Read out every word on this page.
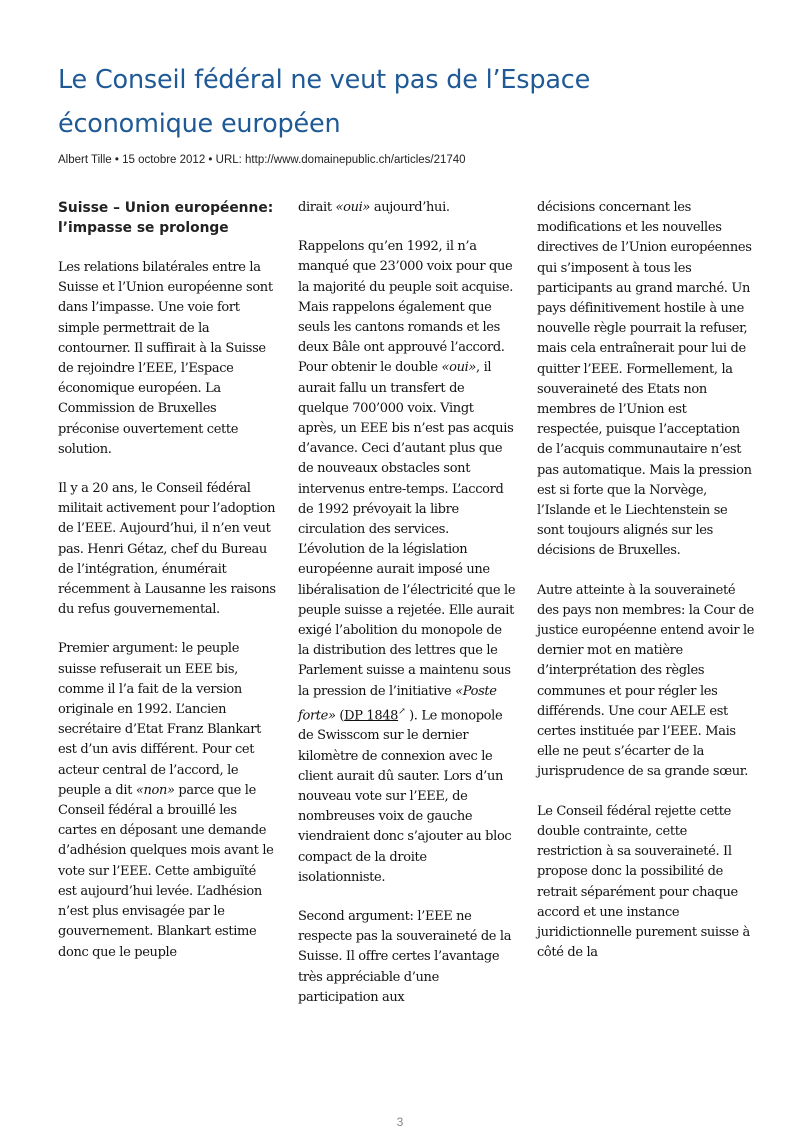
Le Conseil fédéral ne veut pas de l’Espace économique européen
Albert Tille • 15 octobre 2012 • URL: http://www.domainepublic.ch/articles/21740
Suisse – Union européenne: l’impasse se prolonge

Les relations bilatérales entre la Suisse et l’Union européenne sont dans l’impasse. Une voie fort simple permettrait de la contourner. Il suffirait à la Suisse de rejoindre l’EEE, l’Espace économique européen. La Commission de Bruxelles préconise ouvertement cette solution.

Il y a 20 ans, le Conseil fédéral militait activement pour l’adoption de l’EEE. Aujourd’hui, il n’en veut pas. Henri Gétaz, chef du Bureau de l’intégration, énumérait récemment à Lausanne les raisons du refus gouvernemental.

Premier argument: le peuple suisse refuserait un EEE bis, comme il l’a fait de la version originale en 1992. L’ancien secrétaire d’Etat Franz Blankart est d’un avis différent. Pour cet acteur central de l’accord, le peuple a dit «non» parce que le Conseil fédéral a brouillé les cartes en déposant une demande d’adhésion quelques mois avant le vote sur l’EEE. Cette ambiguïté est aujourd’hui levée. L’adhésion n’est plus envisagée par le gouvernement. Blankart estime donc que le peuple

dirait «oui» aujourd’hui.

Rappelons qu’en 1992, il n’a manqué que 23’000 voix pour que la majorité du peuple soit acquise. Mais rappelons également que seuls les cantons romands et les deux Bâle ont approuvé l’accord. Pour obtenir le double «oui», il aurait fallu un transfert de quelque 700’000 voix. Vingt après, un EEE bis n’est pas acquis d’avance. Ceci d’autant plus que de nouveaux obstacles sont intervenus entre-temps. L’accord de 1992 prévoyait la libre circulation des services. L’évolution de la législation européenne aurait imposé une libéralisation de l’électricité que le peuple suisse a rejetée. Elle aurait exigé l’abolition du monopole de la distribution des lettres que le Parlement suisse a maintenu sous la pression de l’initiative «Poste forte» (DP 1848↗ ). Le monopole de Swisscom sur le dernier kilomètre de connexion avec le client aurait dû sauter. Lors d’un nouveau vote sur l’EEE, de nombreuses voix de gauche viendraient donc s’ajouter au bloc compact de la droite isolationniste.

Second argument: l’EEE ne respecte pas la souveraineté de la Suisse. Il offre certes l’avantage très appréciable d’une participation aux

décisions concernant les modifications et les nouvelles directives de l’Union européennes qui s’imposent à tous les participants au grand marché. Un pays définitivement hostile à une nouvelle règle pourrait la refuser, mais cela entraînerait pour lui de quitter l’EEE. Formellement, la souveraineté des Etats non membres de l’Union est respectée, puisque l’acceptation de l’acquis communautaire n’est pas automatique. Mais la pression est si forte que la Norvège, l’Islande et le Liechtenstein se sont toujours alignés sur les décisions de Bruxelles.

Autre atteinte à la souveraineté des pays non membres: la Cour de justice européenne entend avoir le dernier mot en matière d’interprétation des règles communes et pour régler les différends. Une cour AELE est certes instituée par l’EEE. Mais elle ne peut s’écarter de la jurisprudence de sa grande sœur.

Le Conseil fédéral rejette cette double contrainte, cette restriction à sa souveraineté. Il propose donc la possibilité de retrait séparément pour chaque accord et une instance juridictionnelle purement suisse à côté de la

3
